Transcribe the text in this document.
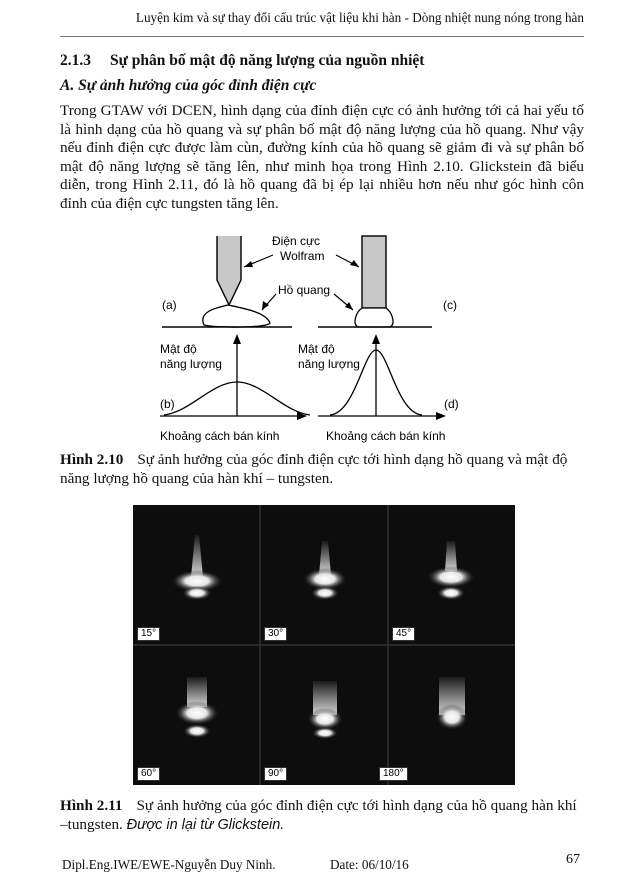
Luyện kim và sự thay đổi cấu trúc vật liệu khi hàn - Dòng nhiệt nung nóng trong hàn
2.1.3 Sự phân bố mật độ năng lượng của nguồn nhiệt
A. Sự ảnh hưởng của góc đỉnh điện cực
Trong GTAW với DCEN, hình dạng của đỉnh điện cực có ảnh hưởng tới cả hai yếu tố là hình dạng của hồ quang và sự phân bố mật độ năng lượng của hồ quang. Như vậy nếu đỉnh điện cực được làm cùn, đường kính của hồ quang sẽ giảm đi và sự phân bố mật độ năng lượng sẽ tăng lên, như minh họa trong Hình 2.10. Glickstein đã biểu diễn, trong Hình 2.11, đó là hồ quang đã bị ép lại nhiều hơn nếu như góc hình côn đỉnh của điện cực tungsten tăng lên.
Điện cực
Wolfram
Hồ quang
(a)	(c)
Mật độ
năng lượng
(b)
Khoảng cách bán kính
Mật độ
năng lượng
(d)
Khoảng cách bán kính
Hình 2.10 Sự ảnh hưởng của góc đỉnh điện cực tới hình dạng hồ quang và mật độ năng lượng hồ quang của hàn khí – tungsten.
15°	30°	45°
60°	90°	180°
Hình 2.11 Sự ảnh hưởng của góc đỉnh điện cực tới hình dạng của hồ quang hàn khí –tungsten. Được in lại từ Glickstein.
Dipl.Eng.IWE/EWE-Nguyễn Duy Ninh.	Date: 06/10/16	67
